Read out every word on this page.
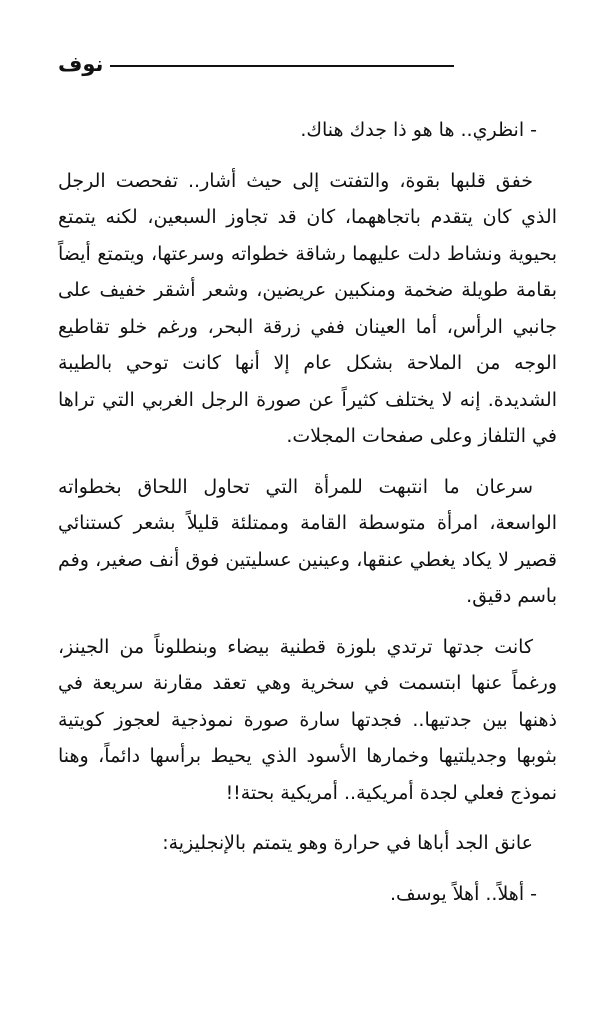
نوف

- انظري.. ها هو ذا جدك هناك.

خفق قلبها بقوة، والتفتت إلى حيث أشار.. تفحصت الرجل الذي كان يتقدم باتجاههما، كان قد تجاوز السبعين، لكنه يتمتع بحيوية ونشاط دلت عليهما رشاقة خطواته وسرعتها، ويتمتع أيضاً بقامة طويلة ضخمة ومنكبين عريضين، وشعر أشقر خفيف على جانبي الرأس، أما العينان ففي زرقة البحر، ورغم خلو تقاطيع الوجه من الملاحة بشكل عام إلا أنها كانت توحي بالطيبة الشديدة. إنه لا يختلف كثيراً عن صورة الرجل الغربي التي تراها في التلفاز وعلى صفحات المجلات.

سرعان ما انتبهت للمرأة التي تحاول اللحاق بخطواته الواسعة، امرأة متوسطة القامة وممتلئة قليلاً بشعر كستنائي قصير لا يكاد يغطي عنقها، وعينين عسليتين فوق أنف صغير، وفم باسم دقيق.

كانت جدتها ترتدي بلوزة قطنية بيضاء وبنطلوناً من الجينز، ورغماً عنها ابتسمت في سخرية وهي تعقد مقارنة سريعة في ذهنها بين جدتيها.. فجدتها سارة صورة نموذجية لعجوز كويتية بثوبها وجديلتيها وخمارها الأسود الذي يحيط برأسها دائماً، وهنا نموذج فعلي لجدة أمريكية.. أمريكية بحتة!!

عانق الجد أباها في حرارة وهو يتمتم بالإنجليزية:

- أهلاً.. أهلاً يوسف.
